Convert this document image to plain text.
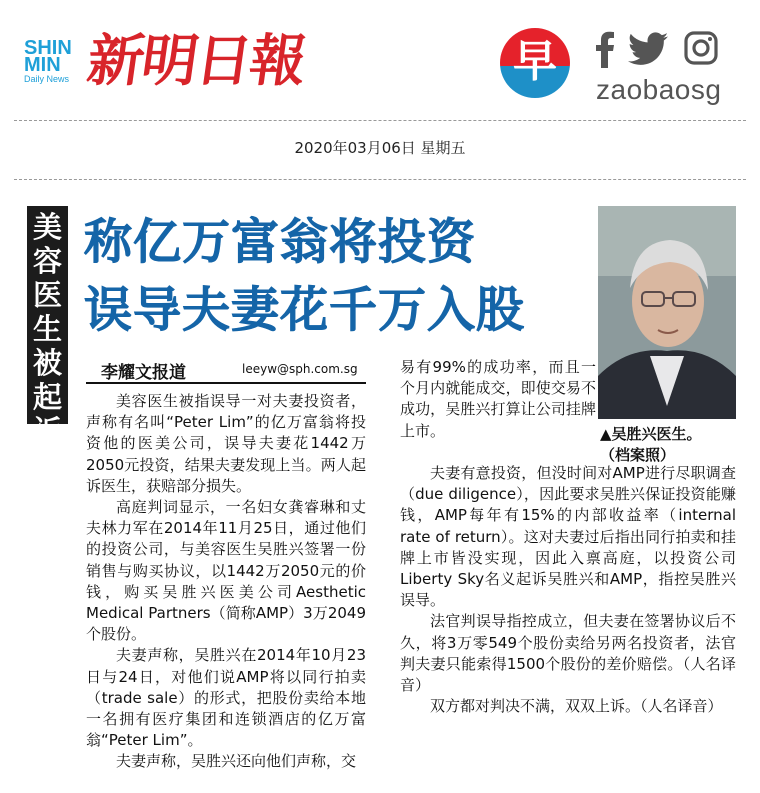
SHIN
MIN
Daily News 新明日報	早
zaobaosg
2020年03月06日 星期五
美
容
医
生
被
起
诉
称亿万富翁将投资
误导夫妻花千万入股
▲吴胜兴医生。
（档案照）
李耀文报道	leeyw@sph.com.sg

美容医生被指误导一对夫妻投资者，声称有名叫“Peter Lim”的亿万富翁将投资他的医美公司，误导夫妻花1442万2050元投资，结果夫妻发现上当。两人起诉医生，获赔部分损失。

高庭判词显示，一名妇女龚睿琳和丈夫林力军在2014年11月25日，通过他们的投资公司，与美容医生吴胜兴签署一份销售与购买协议，以1442万2050元的价钱，购买吴胜兴医美公司Aesthetic Medical Partners（简称AMP）3万2049个股份。

夫妻声称，吴胜兴在2014年10月23日与24日，对他们说AMP将以同行拍卖（trade sale）的形式，把股份卖给本地一名拥有医疗集团和连锁酒店的亿万富翁“Peter Lim”。

夫妻声称，吴胜兴还向他们声称，交

易有99%的成功率，而且一个月内就能成交，即使交易不成功，吴胜兴打算让公司挂牌上市。

夫妻有意投资，但没时间对AMP进行尽职调查（due diligence），因此要求吴胜兴保证投资能赚钱，AMP每年有15%的内部收益率（internal rate of return）。这对夫妻过后指出同行拍卖和挂牌上市皆没实现，因此入禀高庭，以投资公司Liberty Sky名义起诉吴胜兴和AMP，指控吴胜兴误导。

法官判误导指控成立，但夫妻在签署协议后不久，将3万零549个股份卖给另两名投资者，法官判夫妻只能索得1500个股份的差价赔偿。（人名译音）

双方都对判决不满，双双上诉。（人名译音）
